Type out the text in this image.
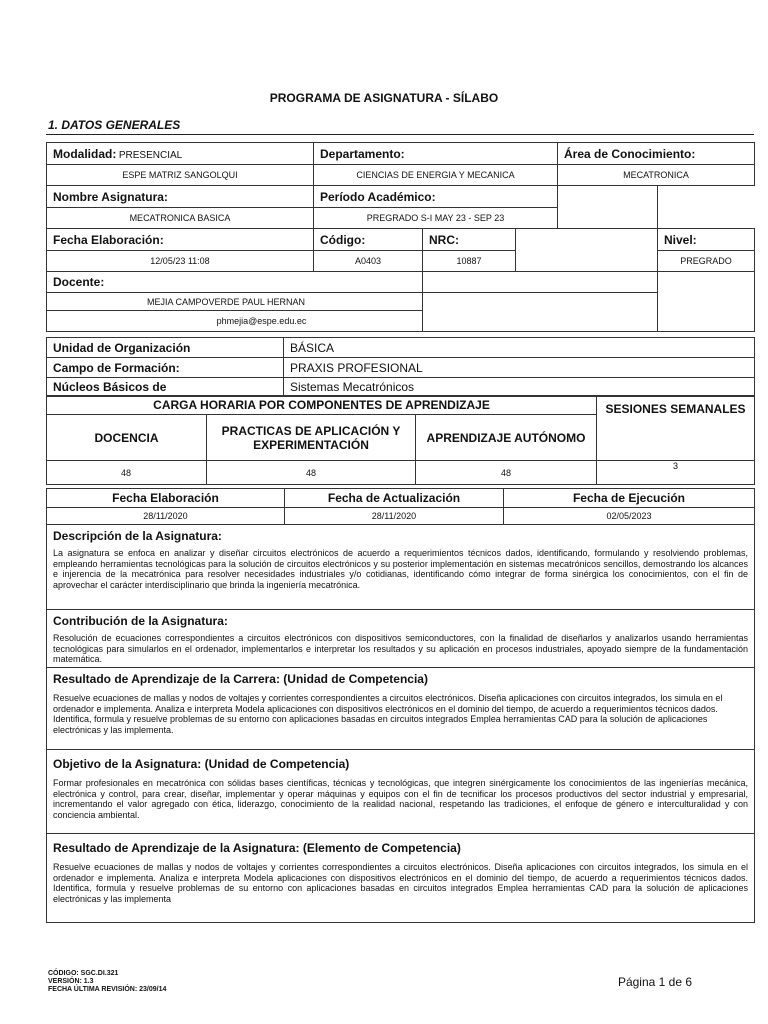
PROGRAMA DE ASIGNATURA - SÍLABO
1. DATOS GENERALES
Modalidad: PRESENCIAL	Departamento:			Área de Conocimiento:	
ESPE MATRIZ SANGOLQUI	CIENCIAS DE ENERGIA Y MECANICA			MECATRONICA	
Nombre Asignatura:	Período Académico:				
MECATRONICA BASICA	PREGRADO S-I MAY 23 - SEP 23				
Fecha Elaboración:	Código:	NRC:			Nivel:
12/05/23 11:08	A0403	10887			PREGRADO
Docente:					
MEJIA CAMPOVERDE PAUL HERNAN					
phmejia@espe.edu.ec					
Unidad de Organización	BÁSICA
Campo de Formación:	PRAXIS PROFESIONAL
Núcleos Básicos de	Sistemas Mecatrónicos
CARGA HORARIA POR COMPONENTES DE APRENDIZAJE			SESIONES SEMANALES
DOCENCIA	PRACTICAS DE APLICACIÓN Y EXPERIMENTACIÓN	APRENDIZAJE AUTÓNOMO	
48	48	48	3
Fecha Elaboración	Fecha de Actualización	Fecha de Ejecución
28/11/2020	28/11/2020	02/05/2023
Descripción de la Asignatura:
La asignatura se enfoca en analizar y diseñar circuitos electrónicos de acuerdo a requerimientos técnicos dados, identificando, formulando y resolviendo problemas, empleando herramientas tecnológicas para la solución de circuitos electrónicos y su posterior implementación en sistemas mecatrónicos sencillos, demostrando los alcances e injerencia de la mecatrónica para resolver necesidades industriales y/o cotidianas, identificando cómo integrar de forma sinérgica los conocimientos, con el fin de aprovechar el carácter interdisciplinario que brinda la ingeniería mecatrónica.

Contribución de la Asignatura:
Resolución de ecuaciones correspondientes a circuitos electrónicos con dispositivos semiconductores, con la finalidad de diseñarlos y analizarlos usando herramientas tecnológicas para simularlos en el ordenador, implementarlos e interpretar los resultados y su aplicación en procesos industriales, apoyado siempre de la fundamentación matemática.

Resultado de Aprendizaje de la Carrera: (Unidad de Competencia)
Resuelve ecuaciones de mallas y nodos de voltajes y corrientes correspondientes a circuitos electrónicos. Diseña aplicaciones con circuitos integrados, los simula en el ordenador e implementa. Analiza e interpreta Modela aplicaciones con dispositivos electrónicos en el dominio del tiempo, de acuerdo a requerimientos técnicos dados. Identifica, formula y resuelve problemas de su entorno con aplicaciones basadas en circuitos integrados Emplea herramientas CAD para la solución de aplicaciones electrónicas y las implementa.

Objetivo de la Asignatura: (Unidad de Competencia)
Formar profesionales en mecatrónica con sólidas bases científicas, técnicas y tecnológicas, que integren sinérgicamente los conocimientos de las ingenierías mecánica, electrónica y control, para crear, diseñar, implementar y operar máquinas y equipos con el fin de tecnificar los procesos productivos del sector industrial y empresarial, incrementando el valor agregado con ética, liderazgo, conocimiento de la realidad nacional, respetando las tradiciones, el enfoque de género e interculturalidad y con conciencia ambiental.

Resultado de Aprendizaje de la Asignatura: (Elemento de Competencia)
Resuelve ecuaciones de mallas y nodos de voltajes y corrientes correspondientes a circuitos electrónicos. Diseña aplicaciones con circuitos integrados, los simula en el ordenador e implementa. Analiza e interpreta Modela aplicaciones con dispositivos electrónicos en el dominio del tiempo, de acuerdo a requerimientos técnicos dados. Identifica, formula y resuelve problemas de su entorno con aplicaciones basadas en circuitos integrados Emplea herramientas CAD para la solución de aplicaciones electrónicas y las implementa
CÓDIGO: SGC.DI.321
VERSIÓN: 1.3
FECHA ÚLTIMA REVISIÓN: 23/09/14
Página 1 de 6
